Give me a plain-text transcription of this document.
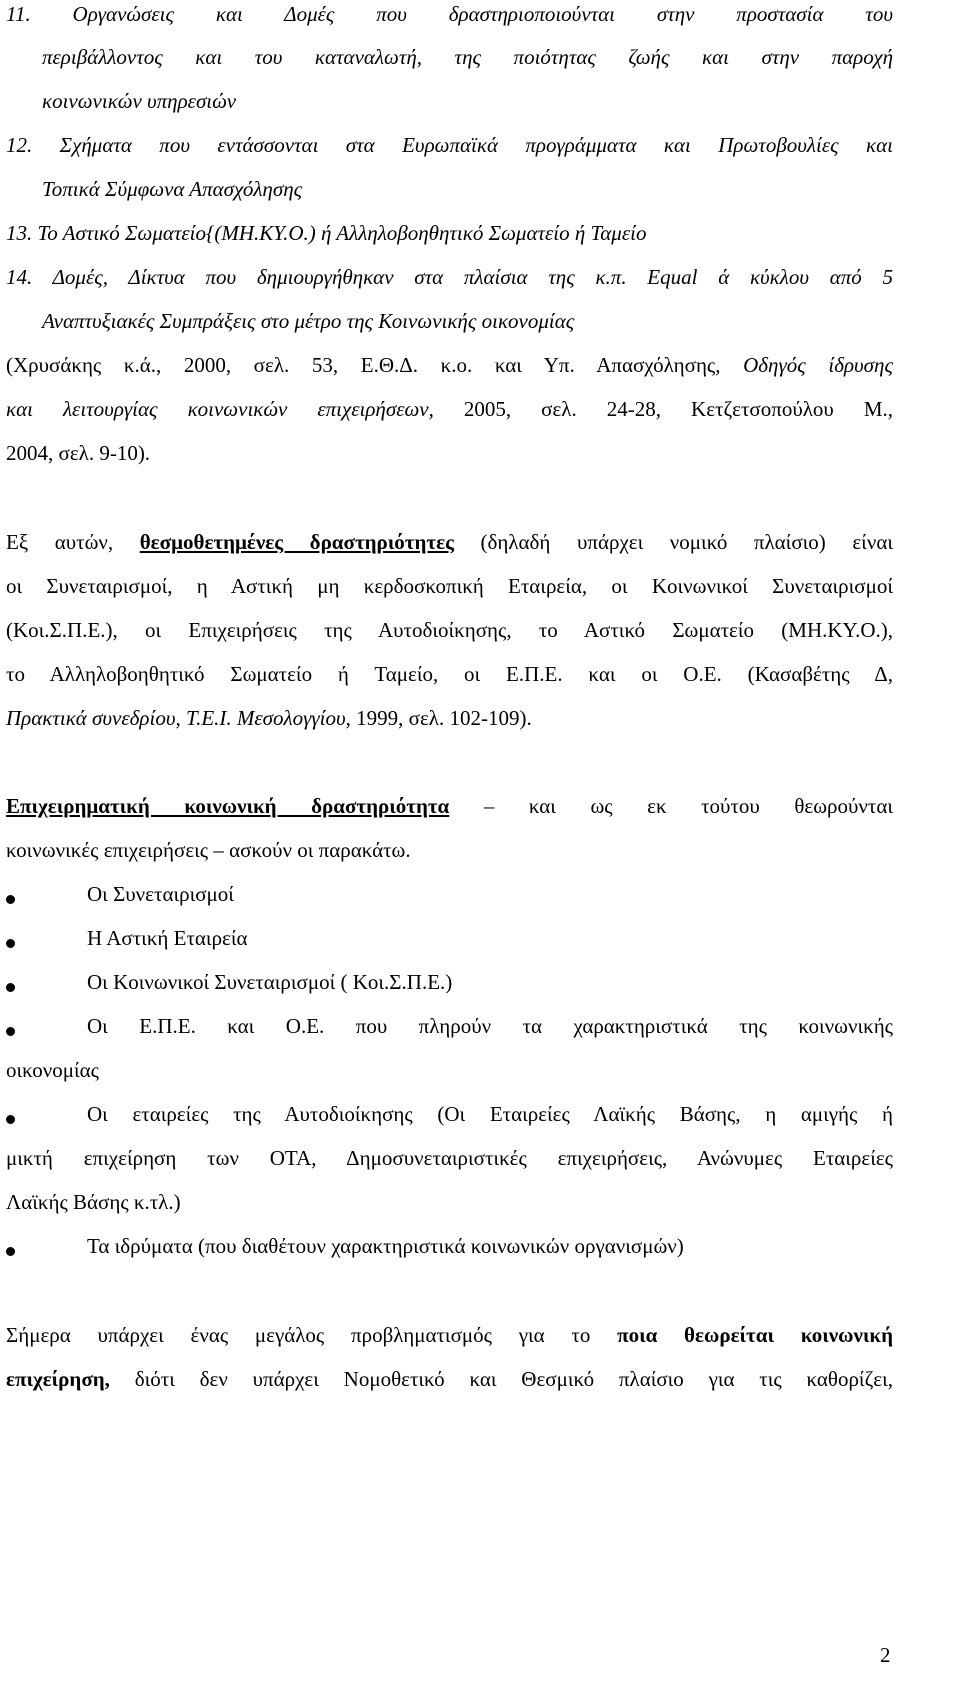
11. Οργανώσεις και Δομές που δραστηριοποιούνται στην προστασία του
περιβάλλοντος και του καταναλωτή, της ποιότητας ζωής και στην παροχή
κοινωνικών υπηρεσιών
12. Σχήματα που εντάσσονται στα Ευρωπαϊκά προγράμματα και Πρωτοβουλίες και
Τοπικά Σύμφωνα Απασχόλησης
13. Το Αστικό Σωματείο{(ΜΗ.ΚΥ.Ο.) ή Αλληλοβοηθητικό Σωματείο ή Ταμείο
14. Δομές, Δίκτυα που δημιουργήθηκαν στα πλαίσια της κ.π. Equal ά κύκλου από 5
Αναπτυξιακές Συμπράξεις στο μέτρο της Κοινωνικής οικονομίας
(Χρυσάκης κ.ά., 2000, σελ. 53, Ε.Θ.Δ. κ.ο. και Υπ. Απασχόλησης, Οδηγός ίδρυσης
και λειτουργίας κοινωνικών επιχειρήσεων, 2005, σελ. 24-28, Κετζετσοπούλου Μ.,
2004, σελ. 9-10).
Εξ αυτών, θεσμοθετημένες δραστηριότητες (δηλαδή υπάρχει νομικό πλαίσιο) είναι
οι Συνεταιρισμοί, η Αστική μη κερδοσκοπική Εταιρεία, οι Κοινωνικοί Συνεταιρισμοί
(Κοι.Σ.Π.Ε.), οι Επιχειρήσεις της Αυτοδιοίκησης, το Αστικό Σωματείο (ΜΗ.ΚΥ.Ο.),
το Αλληλοβοηθητικό Σωματείο ή Ταμείο, οι Ε.Π.Ε. και οι Ο.Ε. (Κασαβέτης Δ,
Πρακτικά συνεδρίου, Τ.Ε.Ι. Μεσολογγίου, 1999, σελ. 102-109).
Επιχειρηματική κοινωνική δραστηριότητα – και ως εκ τούτου θεωρούνται
κοινωνικές επιχειρήσεις – ασκούν οι παρακάτω.
Οι Συνεταιρισμοί
Η Αστική Εταιρεία
Οι Κοινωνικοί Συνεταιρισμοί ( Κοι.Σ.Π.Ε.)
Οι Ε.Π.Ε. και Ο.Ε. που πληρούν τα χαρακτηριστικά της κοινωνικής
οικονομίας
Οι εταιρείες της Αυτοδιοίκησης (Οι Εταιρείες Λαϊκής Βάσης, η αμιγής ή
μικτή επιχείρηση των ΟΤΑ, Δημοσυνεταιριστικές επιχειρήσεις, Ανώνυμες Εταιρείες
Λαϊκής Βάσης κ.τλ.)
Τα ιδρύματα (που διαθέτουν χαρακτηριστικά κοινωνικών οργανισμών)
Σήμερα υπάρχει ένας μεγάλος προβληματισμός για το ποια θεωρείται κοινωνική
επιχείρηση, διότι δεν υπάρχει Νομοθετικό και Θεσμικό πλαίσιο για τις καθορίζει,
2
